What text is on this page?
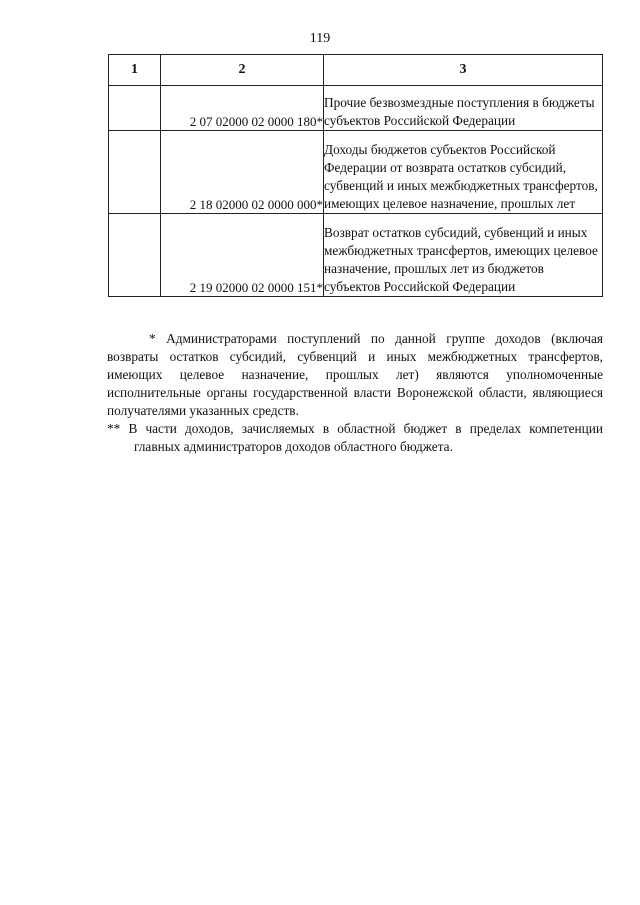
119
1	2	3
	2 07 02000 02 0000 180*	Прочие безвозмездные поступления в бюджеты субъектов Российской Федерации
	2 18 02000 02 0000 000*	Доходы бюджетов субъектов Российской Федерации от возврата остатков субсидий, субвенций и иных межбюджетных трансфертов, имеющих целевое назначение, прошлых лет
	2 19 02000 02 0000 151*	Возврат остатков субсидий, субвенций и иных межбюджетных трансфертов, имеющих целевое назначение, прошлых лет из бюджетов субъектов Российской Федерации

* Администраторами поступлений по данной группе доходов (включая возвраты остатков субсидий, субвенций и иных межбюджетных трансфертов, имеющих целевое назначение, прошлых лет) являются уполномоченные исполнительные органы государственной власти Воронежской области, являющиеся получателями указанных средств.

** В части доходов, зачисляемых в областной бюджет в пределах компетенции главных администраторов доходов областного бюджета.
